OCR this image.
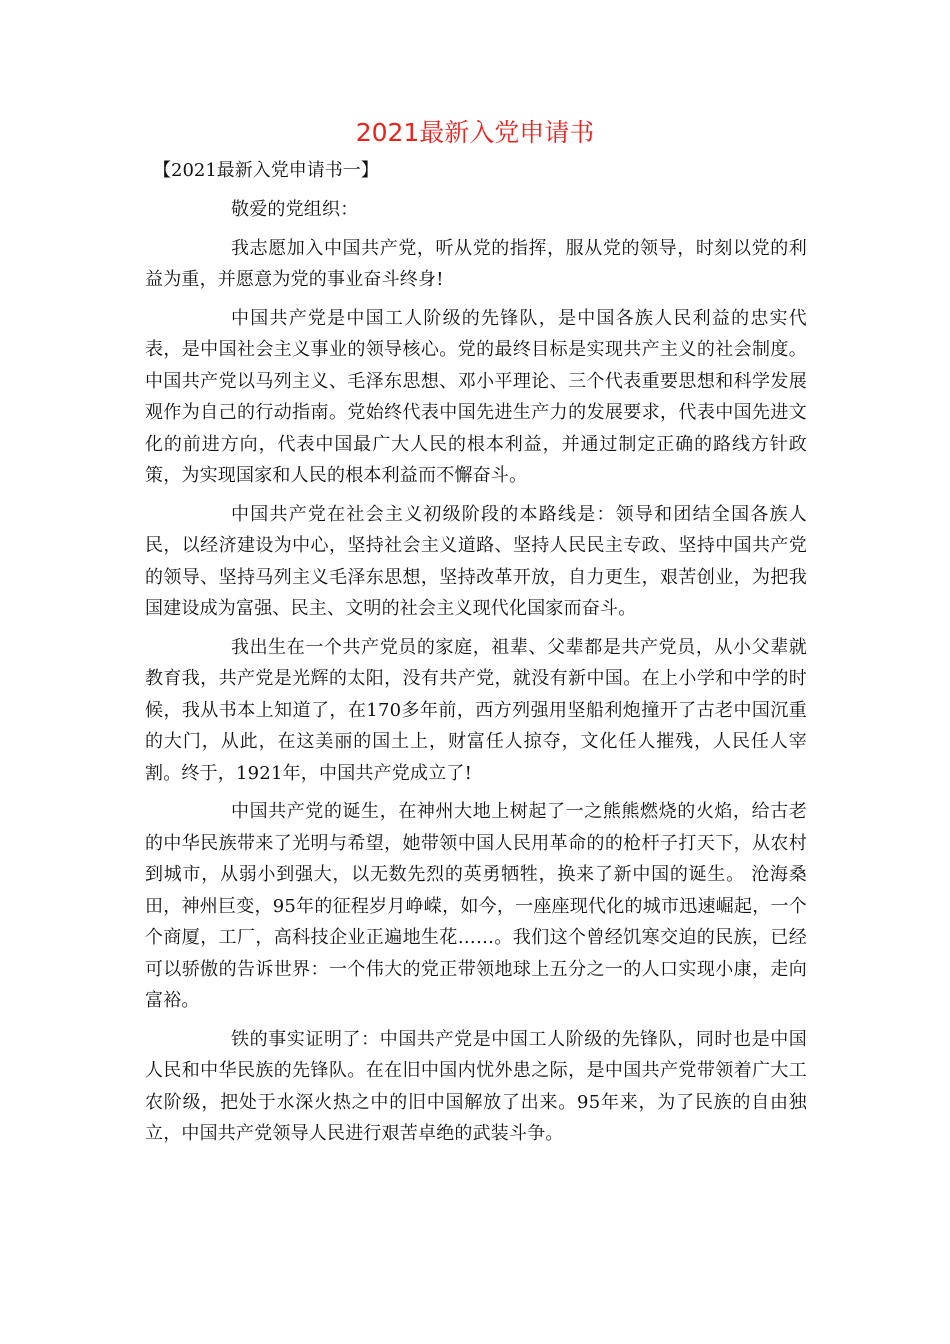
2021最新入党申请书

【2021最新入党申请书一】

敬爱的党组织：

我志愿加入中国共产党，听从党的指挥，服从党的领导，时刻以党的利益为重，并愿意为党的事业奋斗终身!

中国共产党是中国工人阶级的先锋队，是中国各族人民利益的忠实代表，是中国社会主义事业的领导核心。党的最终目标是实现共产主义的社会制度。中国共产党以马列主义、毛泽东思想、邓小平理论、三个代表重要思想和科学发展观作为自己的行动指南。党始终代表中国先进生产力的发展要求，代表中国先进文化的前进方向，代表中国最广大人民的根本利益，并通过制定正确的路线方针政策，为实现国家和人民的根本利益而不懈奋斗。

中国共产党在社会主义初级阶段的本路线是：领导和团结全国各族人民，以经济建设为中心，坚持社会主义道路、坚持人民民主专政、坚持中国共产党的领导、坚持马列主义毛泽东思想，坚持改革开放，自力更生，艰苦创业，为把我国建设成为富强、民主、文明的社会主义现代化国家而奋斗。

我出生在一个共产党员的家庭，祖辈、父辈都是共产党员，从小父辈就教育我，共产党是光辉的太阳，没有共产党，就没有新中国。在上小学和中学的时候，我从书本上知道了，在170多年前，西方列强用坚船利炮撞开了古老中国沉重的大门，从此，在这美丽的国土上，财富任人掠夺，文化任人摧残，人民任人宰割。终于，1921年，中国共产党成立了!

中国共产党的诞生，在神州大地上树起了一之熊熊燃烧的火焰，给古老的中华民族带来了光明与希望，她带领中国人民用革命的的枪杆子打天下，从农村到城市，从弱小到强大，以无数先烈的英勇牺牲，换来了新中国的诞生。 沧海桑田，神州巨变，95年的征程岁月峥嵘，如今，一座座现代化的城市迅速崛起，一个个商厦，工厂，高科技企业正遍地生花……。我们这个曾经饥寒交迫的民族，已经可以骄傲的告诉世界：一个伟大的党正带领地球上五分之一的人口实现小康，走向富裕。

铁的事实证明了：中国共产党是中国工人阶级的先锋队，同时也是中国人民和中华民族的先锋队。在在旧中国内忧外患之际，是中国共产党带领着广大工农阶级，把处于水深火热之中的旧中国解放了出来。95年来，为了民族的自由独立，中国共产党领导人民进行艰苦卓绝的武装斗争。
